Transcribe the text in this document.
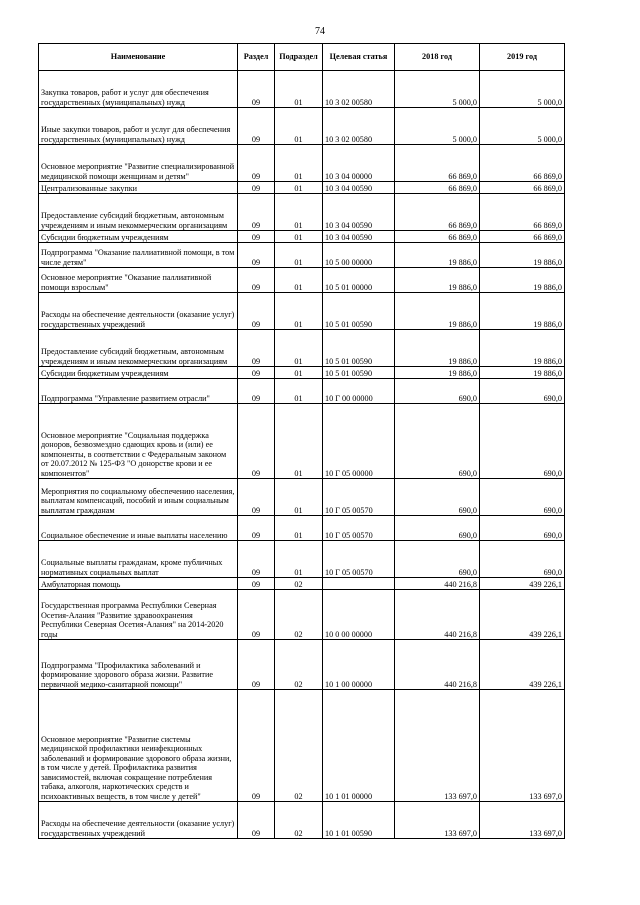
74
Наименование	Раздел	Подраздел	Целевая статья	2018 год	2019 год
Закупка товаров, работ и услуг для обеспечения государственных (муниципальных) нужд	09	01	10 3 02 00580	5 000,0	5 000,0
Иные закупки товаров, работ и услуг для обеспечения государственных (муниципальных) нужд	09	01	10 3 02 00580	5 000,0	5 000,0
Основное мероприятие "Развитие специализированной медицинской помощи женщинам и детям"	09	01	10 3 04 00000	66 869,0	66 869,0
Централизованные закупки	09	01	10 3 04 00590	66 869,0	66 869,0
Предоставление субсидий бюджетным, автономным учреждениям и иным некоммерческим организациям	09	01	10 3 04 00590	66 869,0	66 869,0
Субсидии бюджетным учреждениям	09	01	10 3 04 00590	66 869,0	66 869,0
Подпрограмма "Оказание паллиативной помощи, в том числе детям"	09	01	10 5 00 00000	19 886,0	19 886,0
Основное мероприятие "Оказание паллиативной помощи взрослым"	09	01	10 5 01 00000	19 886,0	19 886,0
Расходы на обеспечение деятельности (оказание услуг) государственных учреждений	09	01	10 5 01 00590	19 886,0	19 886,0
Предоставление субсидий бюджетным, автономным учреждениям и иным некоммерческим организациям	09	01	10 5 01 00590	19 886,0	19 886,0
Субсидии бюджетным учреждениям	09	01	10 5 01 00590	19 886,0	19 886,0
Подпрограмма "Управление развитием отрасли"	09	01	10 Г 00 00000	690,0	690,0
Основное мероприятие "Социальная поддержка доноров, безвозмездно сдающих кровь и (или) ее компоненты, в соответствии с Федеральным законом от 20.07.2012 № 125-ФЗ "О донорстве крови и ее компонентов"	09	01	10 Г 05 00000	690,0	690,0
Мероприятия по социальному обеспечению населения, выплатам компенсаций, пособий и иным социальным выплатам гражданам	09	01	10 Г 05 00570	690,0	690,0
Социальное обеспечение и иные выплаты населению	09	01	10 Г 05 00570	690,0	690,0
Социальные выплаты гражданам, кроме публичных нормативных социальных выплат	09	01	10 Г 05 00570	690,0	690,0
Амбулаторная помощь	09	02		440 216,8	439 226,1
Государственная программа Республики Северная Осетия-Алания "Развитие здравоохранения Республики Северная Осетия-Алания" на 2014-2020 годы	09	02	10 0 00 00000	440 216,8	439 226,1
Подпрограмма "Профилактика заболеваний и формирование здорового образа жизни. Развитие первичной медико-санитарной помощи"	09	02	10 1 00 00000	440 216,8	439 226,1
Основное мероприятие "Развитие системы медицинской профилактики неинфекционных заболеваний и формирование здорового образа жизни, в том числе у детей. Профилактика развития зависимостей, включая сокращение потребления табака, алкоголя, наркотических средств и психоактивных веществ, в том числе у детей"	09	02	10 1 01 00000	133 697,0	133 697,0
Расходы на обеспечение деятельности (оказание услуг) государственных учреждений	09	02	10 1 01 00590	133 697,0	133 697,0
